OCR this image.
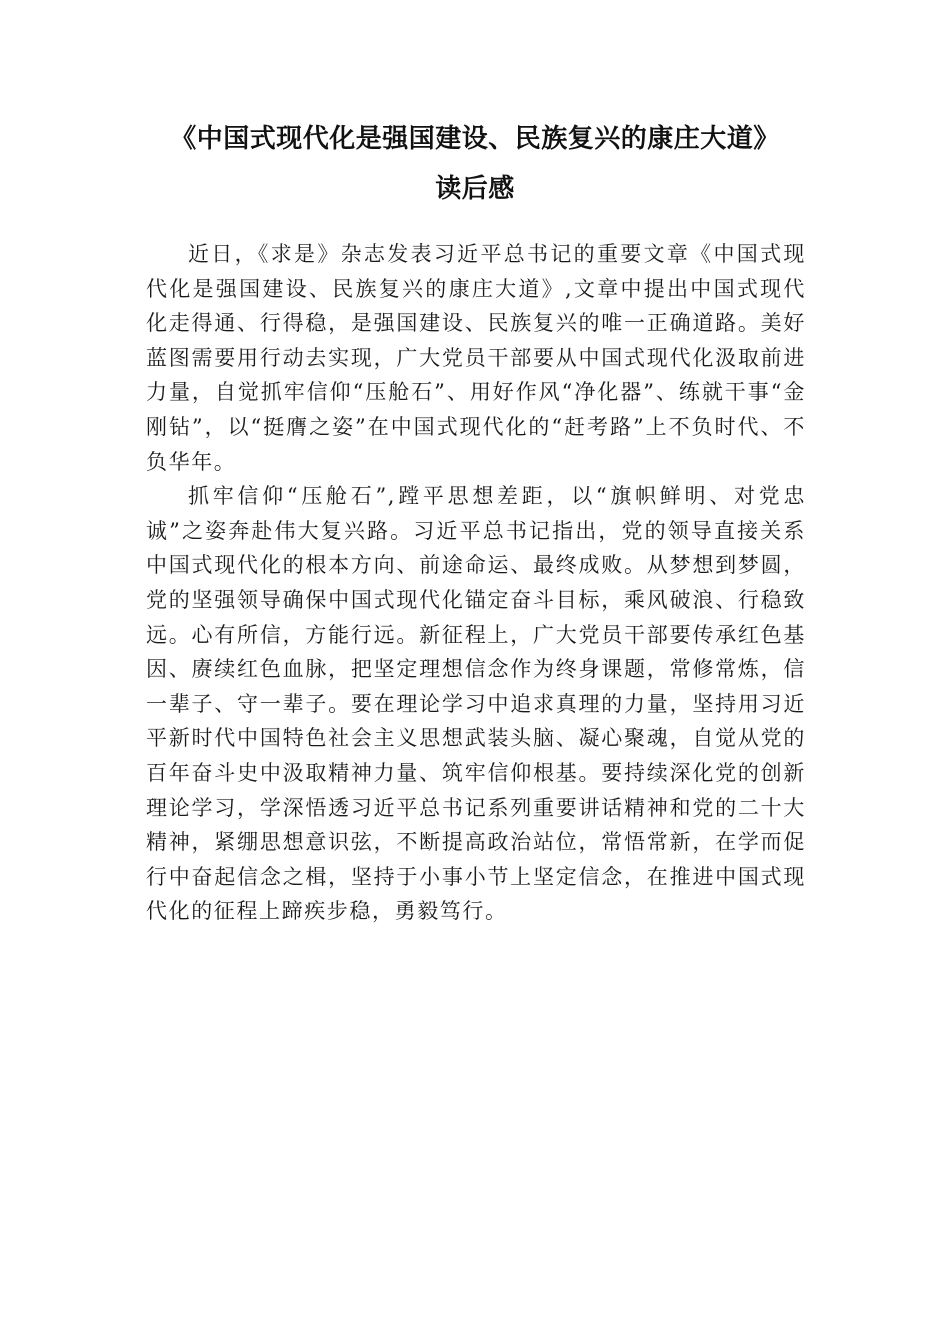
《中国式现代化是强国建设、民族复兴的康庄大道》
读后感

近日，《求是》杂志发表习近平总书记的重要文章《中国式现代化是强国建设、民族复兴的康庄大道》,文章中提出中国式现代化走得通、行得稳，是强国建设、民族复兴的唯一正确道路。美好蓝图需要用行动去实现，广大党员干部要从中国式现代化汲取前进力量，自觉抓牢信仰“压舱石”、用好作风“净化器”、练就干事“金刚钻”，以“挺膺之姿”在中国式现代化的“赶考路”上不负时代、不负华年。

抓牢信仰“压舱石”,蹚平思想差距，以“旗帜鲜明、对党忠诚”之姿奔赴伟大复兴路。习近平总书记指出，党的领导直接关系中国式现代化的根本方向、前途命运、最终成败。从梦想到梦圆，党的坚强领导确保中国式现代化锚定奋斗目标，乘风破浪、行稳致远。心有所信，方能行远。新征程上，广大党员干部要传承红色基因、赓续红色血脉，把坚定理想信念作为终身课题，常修常炼，信一辈子、守一辈子。要在理论学习中追求真理的力量，坚持用习近平新时代中国特色社会主义思想武装头脑、凝心聚魂，自觉从党的百年奋斗史中汲取精神力量、筑牢信仰根基。要持续深化党的创新理论学习，学深悟透习近平总书记系列重要讲话精神和党的二十大精神，紧绷思想意识弦，不断提高政治站位，常悟常新，在学而促行中奋起信念之楫，坚持于小事小节上坚定信念，在推进中国式现代化的征程上蹄疾步稳，勇毅笃行。
